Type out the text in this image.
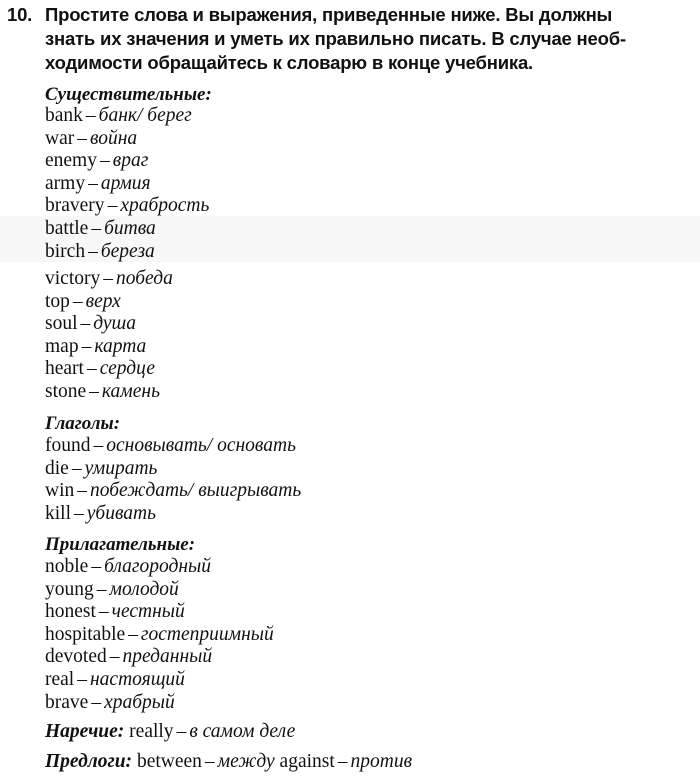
10. Простите слова и выражения, приведенные ниже. Вы должны
знать их значения и уметь их правильно писать. В случае необ-
ходимости обращайтесь к словарю в конце учебника.
Существительные:
bank – банк/ берег
war – война
enemy – враг
army – армия
bravery – храбрость
battle – битва
birch – береза
victory – победа
top – верх
soul – душа
map – карта
heart – сердце
stone – камень
Глаголы:
found – основывать/ основать
die – умирать
win – побеждать/ выигрывать
kill – убивать
Прилагательные:
noble – благородный
young – молодой
honest – честный
hospitable – гостеприимный
devoted – преданный
real – настоящий
brave – храбрый
Наречие: really – в самом деле
Предлоги: between – между against – против
